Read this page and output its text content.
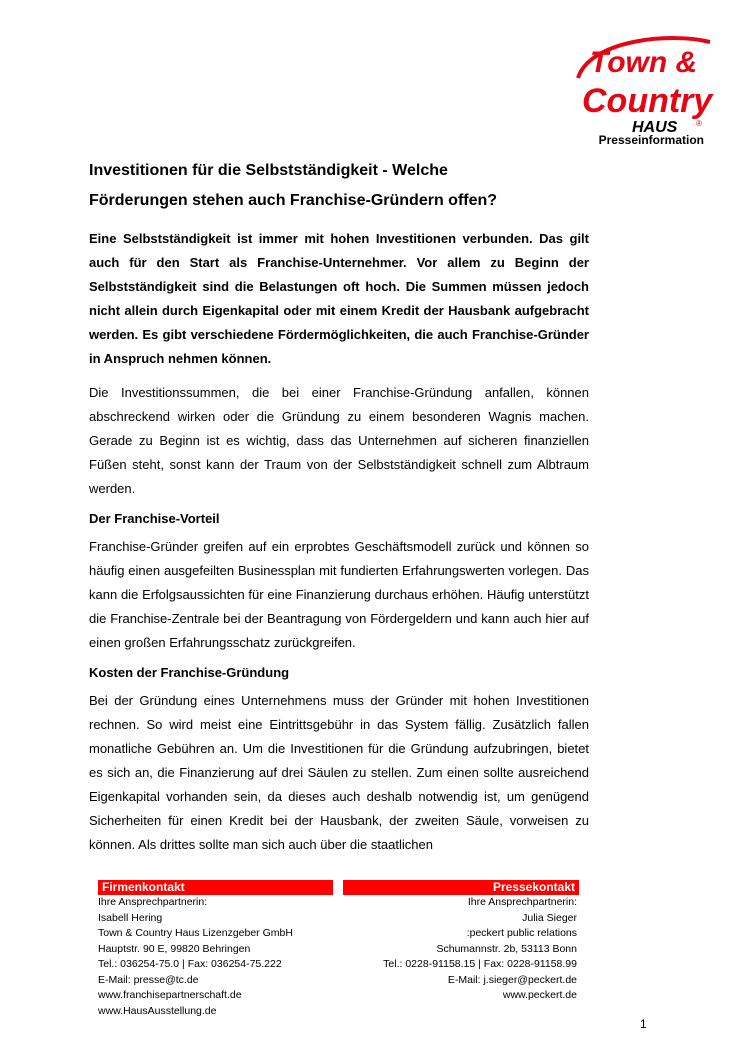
Town &
Country
HAUS ®
Presseinformation
Investitionen für die Selbstständigkeit - Welche
Förderungen stehen auch Franchise-Gründern offen?

Eine Selbstständigkeit ist immer mit hohen Investitionen verbunden. Das gilt auch für den Start als Franchise-Unternehmer. Vor allem zu Beginn der Selbstständigkeit sind die Belastungen oft hoch. Die Summen müssen jedoch nicht allein durch Eigenkapital oder mit einem Kredit der Hausbank aufgebracht werden. Es gibt verschiedene Fördermöglichkeiten, die auch Franchise-Gründer in Anspruch nehmen können.

Die Investitionssummen, die bei einer Franchise-Gründung anfallen, können abschreckend wirken oder die Gründung zu einem besonderen Wagnis machen. Gerade zu Beginn ist es wichtig, dass das Unternehmen auf sicheren finanziellen Füßen steht, sonst kann der Traum von der Selbstständigkeit schnell zum Albtraum werden.

Der Franchise-Vorteil

Franchise-Gründer greifen auf ein erprobtes Geschäftsmodell zurück und können so häufig einen ausgefeilten Businessplan mit fundierten Erfahrungswerten vorlegen. Das kann die Erfolgsaussichten für eine Finanzierung durchaus erhöhen. Häufig unterstützt die Franchise-Zentrale bei der Beantragung von Fördergeldern und kann auch hier auf einen großen Erfahrungsschatz zurückgreifen.

Kosten der Franchise-Gründung

Bei der Gründung eines Unternehmens muss der Gründer mit hohen Investitionen rechnen. So wird meist eine Eintrittsgebühr in das System fällig. Zusätzlich fallen monatliche Gebühren an. Um die Investitionen für die Gründung aufzubringen, bietet es sich an, die Finanzierung auf drei Säulen zu stellen. Zum einen sollte ausreichend Eigenkapital vorhanden sein, da dieses auch deshalb notwendig ist, um genügend Sicherheiten für einen Kredit bei der Hausbank, der zweiten Säule, vorweisen zu können. Als drittes sollte man sich auch über die staatlichen

Firmenkontakt
Ihre Ansprechpartnerin:
Isabell Hering
Town & Country Haus Lizenzgeber GmbH
Hauptstr. 90 E, 99820 Behringen
Tel.: 036254-75.0 | Fax: 036254-75.222
E-Mail: presse@tc.de
www.franchisepartnerschaft.de
www.HausAusstellung.de
Pressekontakt
Ihre Ansprechpartnerin:
Julia Sieger
:peckert public relations
Schumannstr. 2b, 53113 Bonn
Tel.: 0228-91158.15 | Fax: 0228-91158.99
E-Mail: j.sieger@peckert.de
www.peckert.de
1
